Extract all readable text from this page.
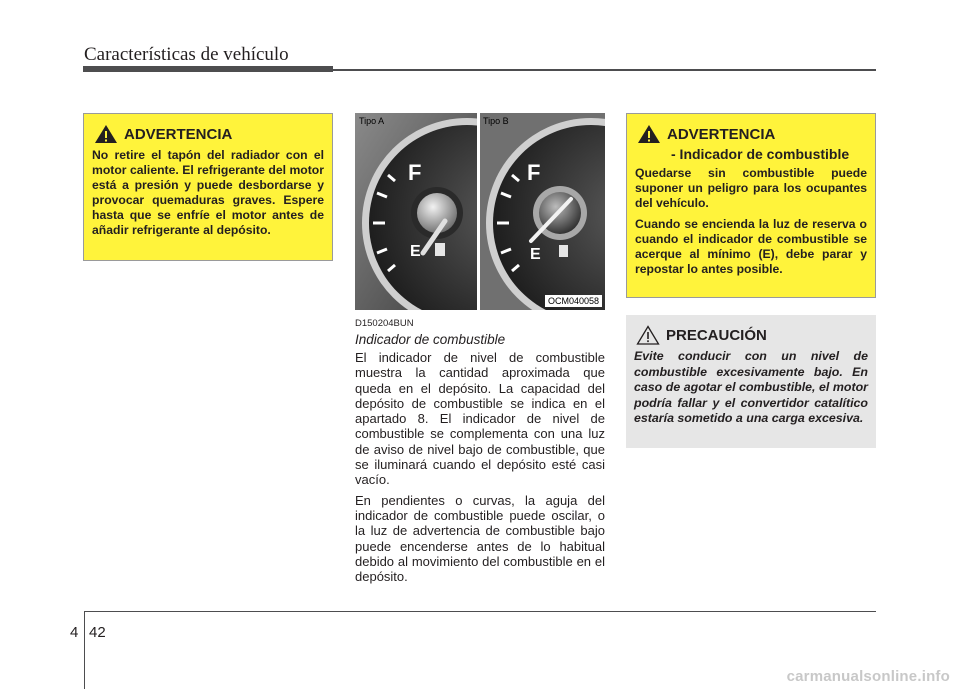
Características de vehículo
ADVERTENCIA
No retire el tapón del radiador con el motor caliente. El refrigerante del motor está a presión y puede desbordarse y provocar quemaduras graves. Espere hasta que se enfríe el motor antes de añadir refrigerante al depósito.
Tipo A	Tipo B
F
E
F
E
OCM040058
D150204BUN
Indicador de combustible

El indicador de nivel de combustible muestra la cantidad aproximada que queda en el depósito. La capacidad del depósito de combustible se indica en el apartado 8. El indicador de nivel de combustible se complementa con una luz de aviso de nivel bajo de combustible, que se iluminará cuando el depósito esté casi vacío.

En pendientes o curvas, la aguja del indicador de combustible puede oscilar, o la luz de advertencia de combustible bajo puede encenderse antes de lo habitual debido al movimiento del combustible en el depósito.

ADVERTENCIA
- Indicador de combustible

Quedarse sin combustible puede suponer un peligro para los ocupantes del vehículo.

Cuando se encienda la luz de reserva o cuando el indicador de combustible se acerque al mínimo (E), debe parar y repostar lo antes posible.

PRECAUCIÓN
Evite conducir con un nivel de combustible excesivamente bajo. En caso de agotar el combustible, el motor podría fallar y el convertidor catalítico estaría sometido a una carga excesiva.
4 42
carmanualsonline.info
